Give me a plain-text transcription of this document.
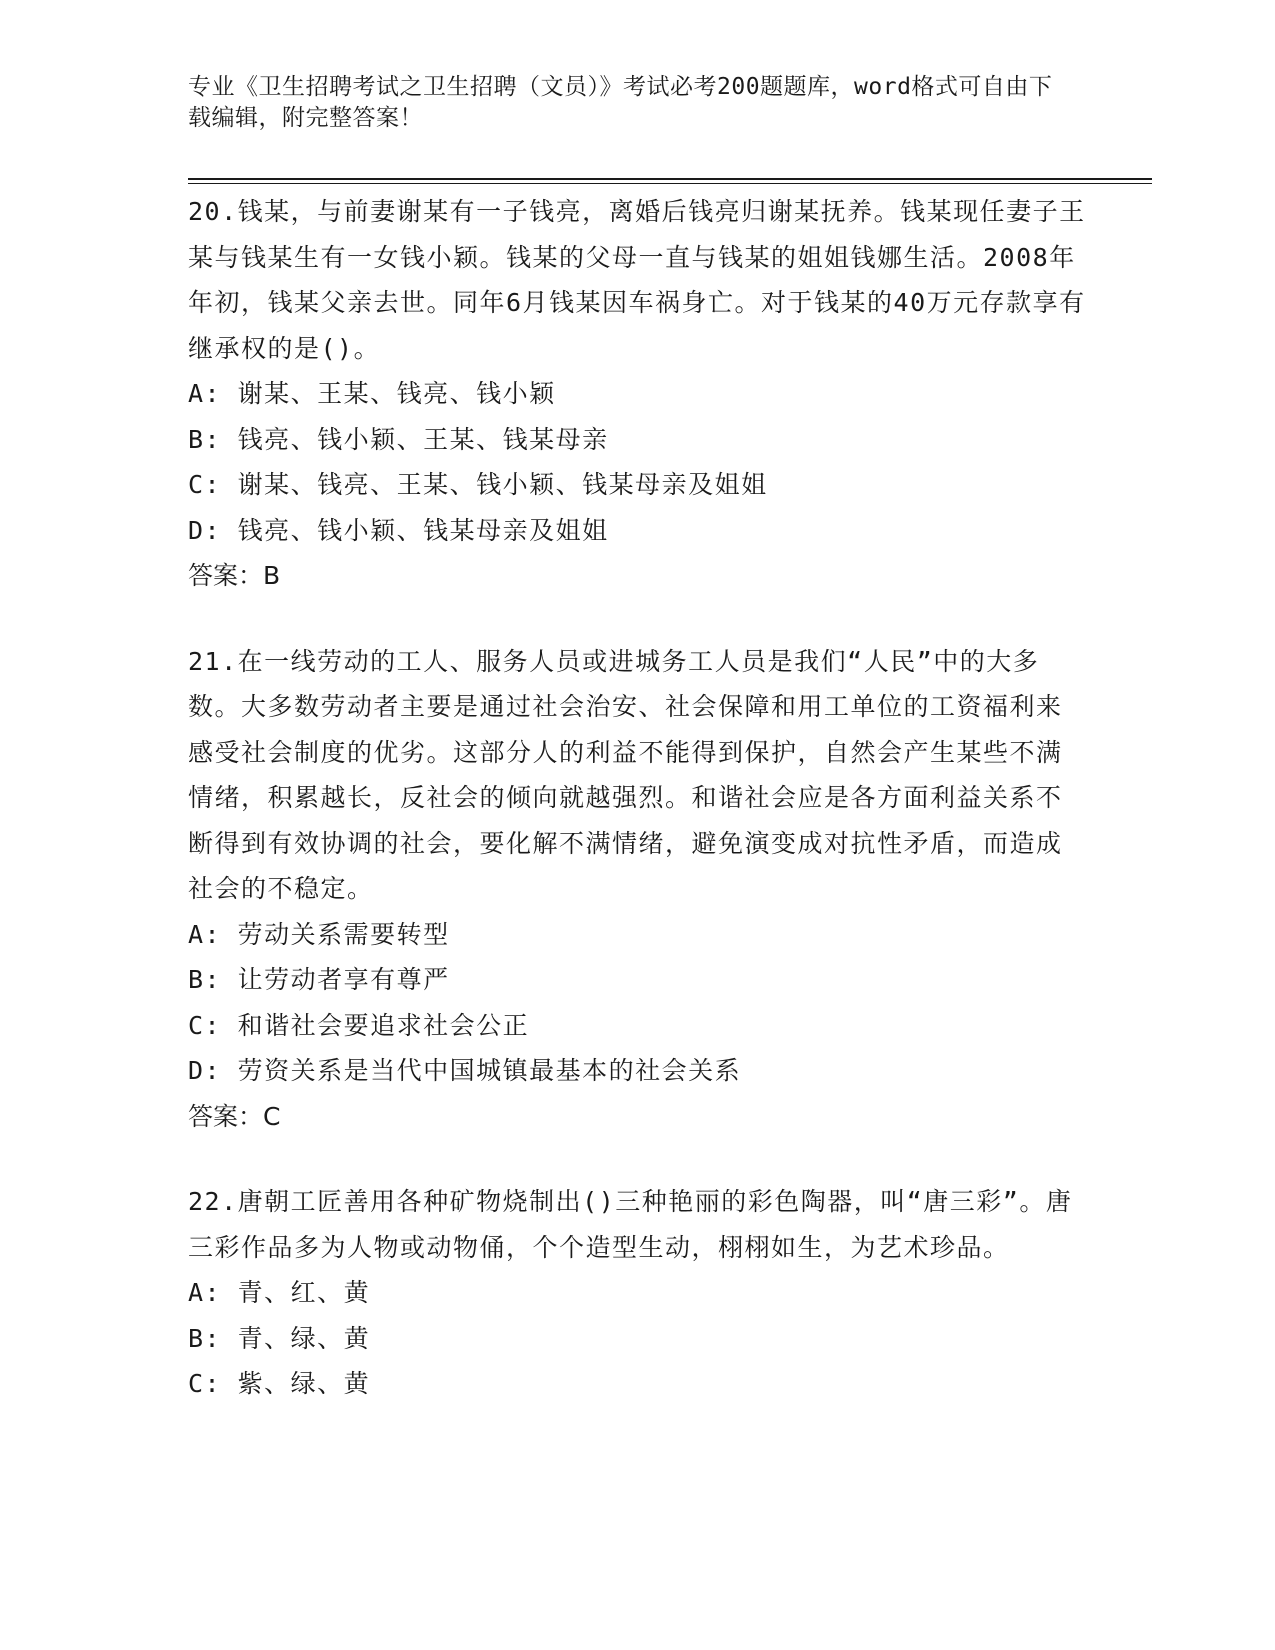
专业《卫生招聘考试之卫生招聘（文员）》考试必考200题题库，word格式可自由下载编辑，附完整答案！

20.钱某，与前妻谢某有一子钱亮，离婚后钱亮归谢某抚养。钱某现任妻子王某与钱某生有一女钱小颖。钱某的父母一直与钱某的姐姐钱娜生活。2008年年初，钱某父亲去世。同年6月钱某因车祸身亡。对于钱某的40万元存款享有继承权的是()。

A: 谢某、王某、钱亮、钱小颖

B: 钱亮、钱小颖、王某、钱某母亲

C: 谢某、钱亮、王某、钱小颖、钱某母亲及姐姐

D: 钱亮、钱小颖、钱某母亲及姐姐

答案：B

21.在一线劳动的工人、服务人员或进城务工人员是我们“人民”中的大多数。大多数劳动者主要是通过社会治安、社会保障和用工单位的工资福利来感受社会制度的优劣。这部分人的利益不能得到保护，自然会产生某些不满情绪，积累越长，反社会的倾向就越强烈。和谐社会应是各方面利益关系不断得到有效协调的社会，要化解不满情绪，避免演变成对抗性矛盾，而造成社会的不稳定。

A: 劳动关系需要转型

B: 让劳动者享有尊严

C: 和谐社会要追求社会公正

D: 劳资关系是当代中国城镇最基本的社会关系

答案：C

22.唐朝工匠善用各种矿物烧制出()三种艳丽的彩色陶器，叫“唐三彩”。唐三彩作品多为人物或动物俑，个个造型生动，栩栩如生，为艺术珍品。

A: 青、红、黄

B: 青、绿、黄

C: 紫、绿、黄
